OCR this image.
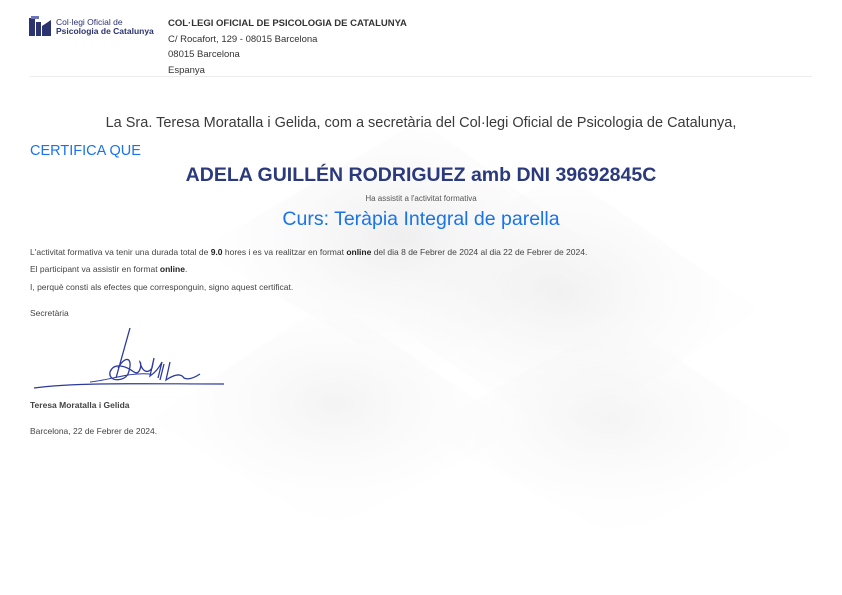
Col·legi Oficial de
Psicologia de Catalunya
COL·LEGI OFICIAL DE PSICOLOGIA DE CATALUNYA
C/ Rocafort, 129 - 08015 Barcelona
08015 Barcelona
Espanya
La Sra. Teresa Moratalla i Gelida, com a secretària del Col·legi Oficial de Psicologia de Catalunya,
CERTIFICA QUE
ADELA GUILLÉN RODRIGUEZ amb DNI 39692845C
Ha assistit a l'activitat formativa
Curs: Teràpia Integral de parella
L'activitat formativa va tenir una durada total de 9.0 hores i es va realitzar en format online del dia 8 de Febrer de 2024 al dia 22 de Febrer de 2024.
El participant va assistir en format online.
I, perquè consti als efectes que corresponguin, signo aquest certificat.
Secretària
Teresa Moratalla i Gelida
Barcelona, 22 de Febrer de 2024.
